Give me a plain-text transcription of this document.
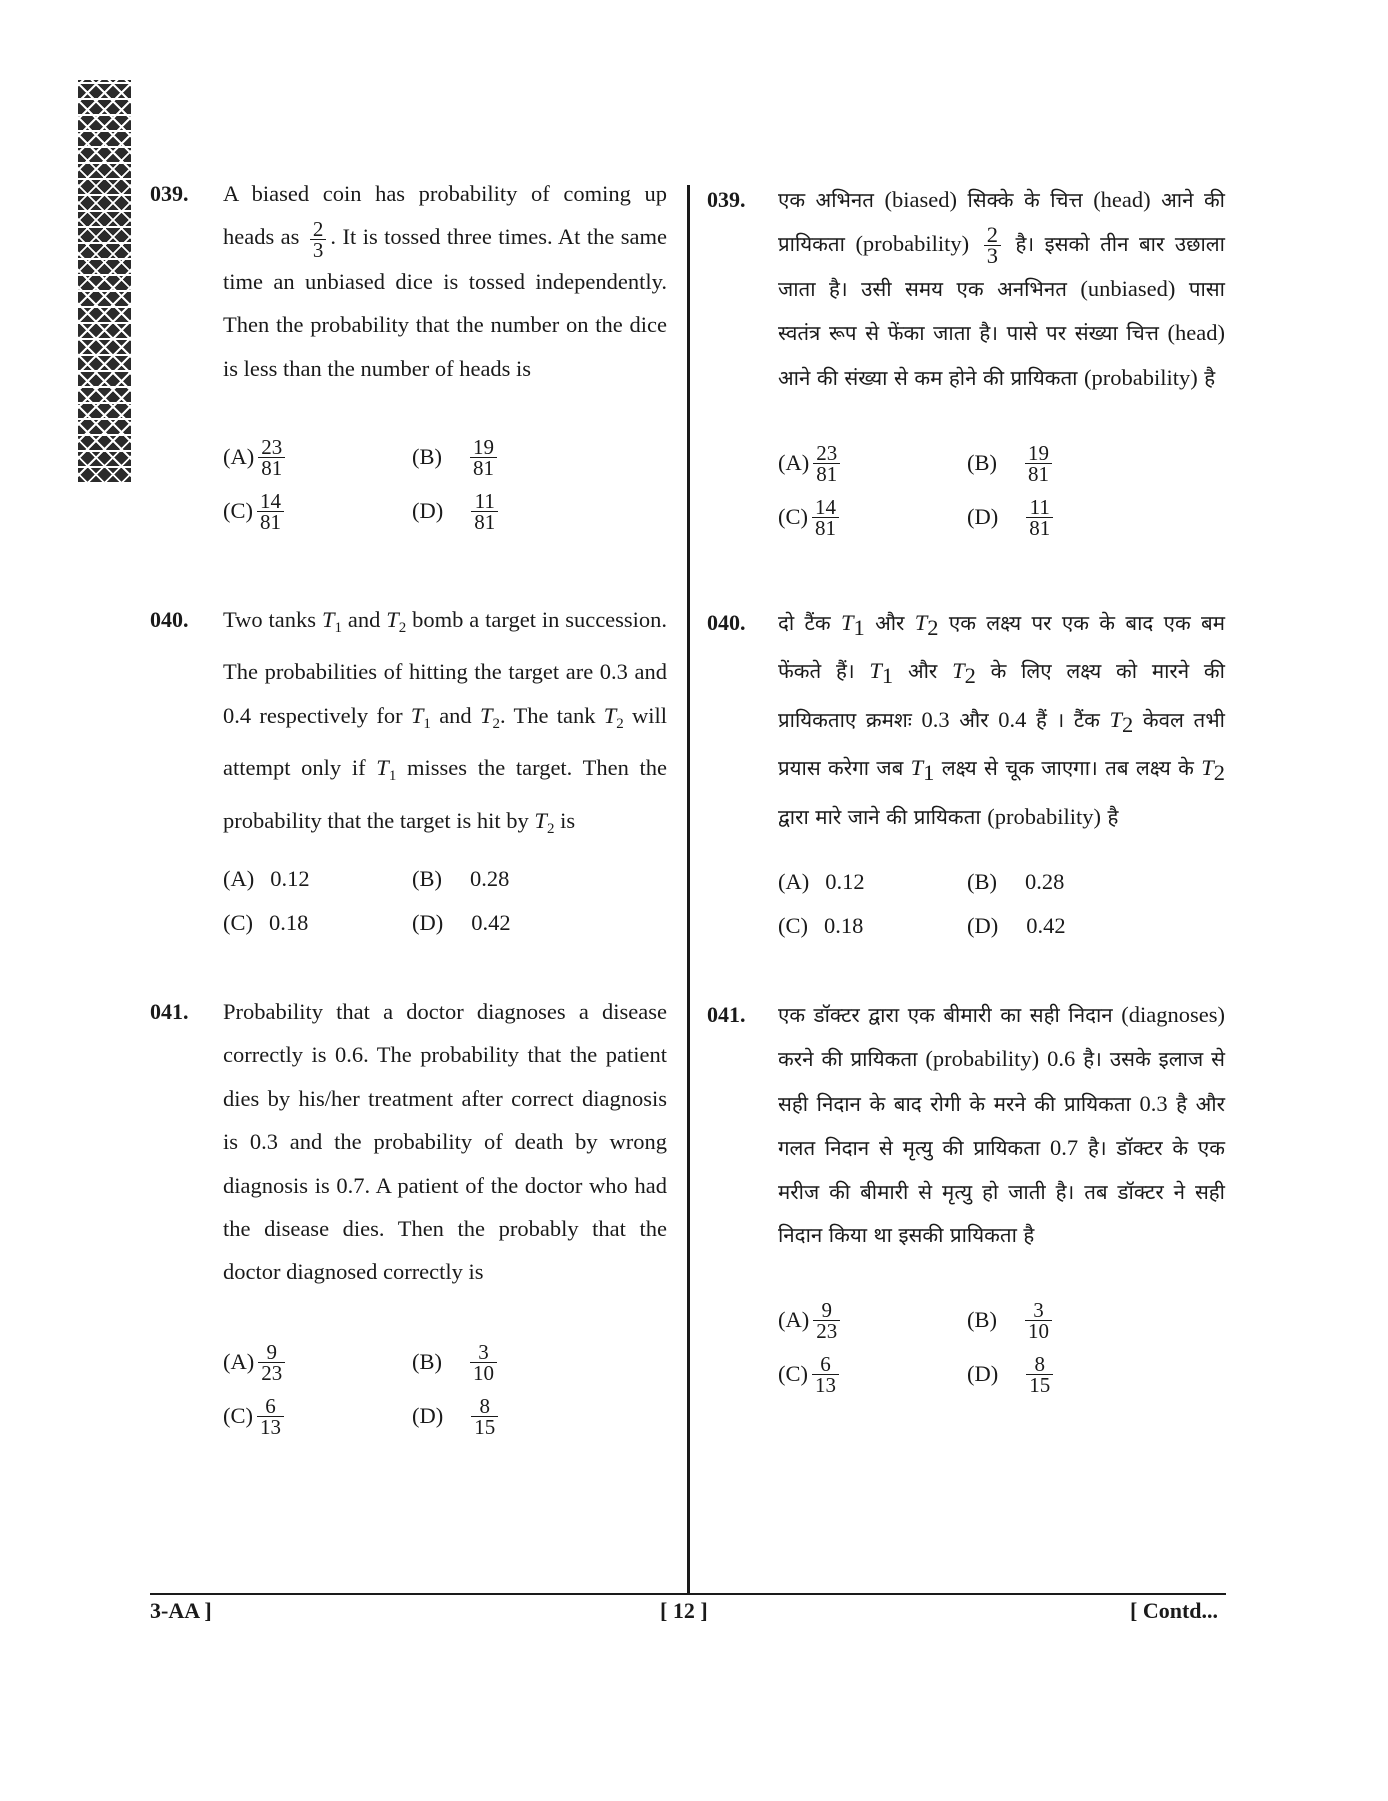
039. A biased coin has probability of coming up heads as $\frac{2}{3}$ . It is tossed three times. At the same time an unbiased dice is tossed independently. Then the probability that the number on the dice is less than the number of heads is
$(A) \frac{23}{81}$	$(B) \frac{19}{81}$
$(C) \frac{14}{81}$	$(D) \frac{11}{81}$
040. Two tanks $T_1$ and $T_2$ bomb a target in succession. The probabilities of hitting the target are 0.3 and 0.4 respectively for $T_1$ and $T_2$. The tank $T_2$ will attempt only if $T_1$ misses the target. Then the probability that the target is hit by $T_2$ is
(A) 0.12	(B) 0.28
(C) 0.18	(D) 0.42
041. Probability that a doctor diagnoses a disease correctly is 0.6. The probability that the patient dies by his/her treatment after correct diagnosis is 0.3 and the probability of death by wrong diagnosis is 0.7. A patient of the doctor who had the disease dies. Then the probably that the doctor diagnosed correctly is
$(A) \frac{9}{23}$	$(B) \frac{3}{10}$
$(C) \frac{6}{13}$	$(D) \frac{8}{15}$
039. एक अभिनत (biased) सिक्के के चित्त (head) आने की प्रायिकता (probability) $\frac{2}{3}$ है। इसको तीन बार उछाला जाता है। उसी समय एक अनभिनत (unbiased) पासा स्वतंत्र रूप से फेंका जाता है। पासे पर संख्या चित्त (head) आने की संख्या से कम होने की प्रायिकता (probability) है
$(A) \frac{23}{81}$	$(B) \frac{19}{81}$
$(C) \frac{14}{81}$	$(D) \frac{11}{81}$
040. दो टैंक $T_1$ और $T_2$ एक लक्ष्य पर एक के बाद एक बम फेंकते हैं। $T_1$ और $T_2$ के लिए लक्ष्य को मारने की प्रायिकताए क्रमशः 0.3 और 0.4 हैं । टैंक $T_2$ केवल तभी प्रयास करेगा जब $T_1$ लक्ष्य से चूक जाएगा। तब लक्ष्य के $T_2$ द्वारा मारे जाने की प्रायिकता (probability) है
(A) 0.12	(B) 0.28
(C) 0.18	(D) 0.42
041. एक डॉक्टर द्वारा एक बीमारी का सही निदान (diagnoses) करने की प्रायिकता (probability) 0.6 है। उसके इलाज से सही निदान के बाद रोगी के मरने की प्रायिकता 0.3 है और गलत निदान से मृत्यु की प्रायिकता 0.7 है। डॉक्टर के एक मरीज की बीमारी से मृत्यु हो जाती है। तब डॉक्टर ने सही निदान किया था इसकी प्रायिकता है
$(A) \frac{9}{23}$	$(B) \frac{3}{10}$
$(C) \frac{6}{13}$	$(D) \frac{8}{15}$
3-AA ]	[ 12 ]	[ Contd...
